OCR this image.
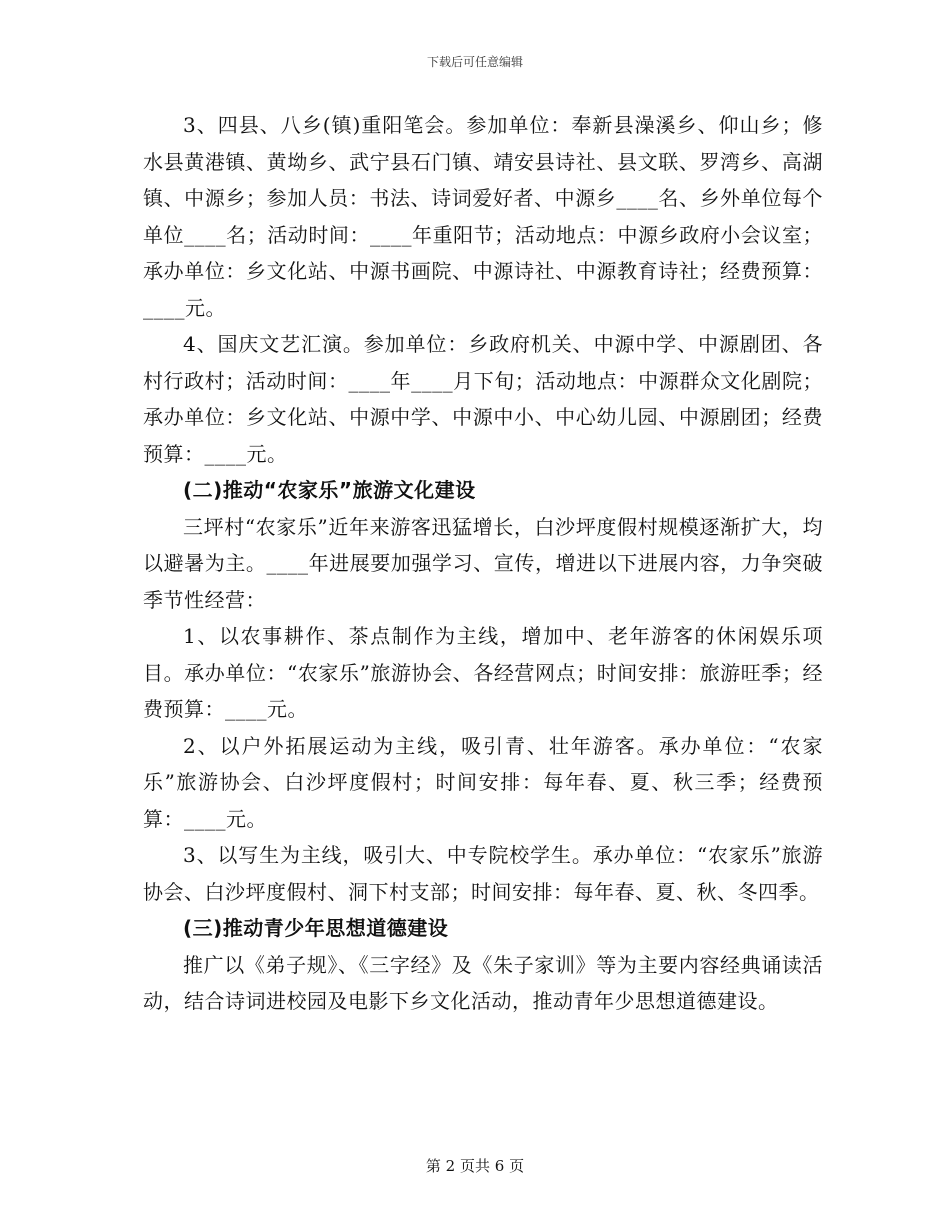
下载后可任意编辑

3、四县、八乡(镇)重阳笔会。参加单位：奉新县澡溪乡、仰山乡；修水县黄港镇、黄坳乡、武宁县石门镇、靖安县诗社、县文联、罗湾乡、高湖镇、中源乡；参加人员：书法、诗词爱好者、中源乡____名、乡外单位每个单位____名；活动时间：____年重阳节；活动地点：中源乡政府小会议室；承办单位：乡文化站、中源书画院、中源诗社、中源教育诗社；经费预算：____元。

4、国庆文艺汇演。参加单位：乡政府机关、中源中学、中源剧团、各村行政村；活动时间：____年____月下旬；活动地点：中源群众文化剧院；承办单位：乡文化站、中源中学、中源中小、中心幼儿园、中源剧团；经费预算：____元。

(二)推动“农家乐”旅游文化建设

三坪村“农家乐”近年来游客迅猛增长，白沙坪度假村规模逐渐扩大，均以避暑为主。____年进展要加强学习、宣传，增进以下进展内容，力争突破季节性经营：

1、以农事耕作、茶点制作为主线，增加中、老年游客的休闲娱乐项目。承办单位：“农家乐”旅游协会、各经营网点；时间安排：旅游旺季；经费预算：____元。

2、以户外拓展运动为主线，吸引青、壮年游客。承办单位：“农家乐”旅游协会、白沙坪度假村；时间安排：每年春、夏、秋三季；经费预算：____元。

3、以写生为主线，吸引大、中专院校学生。承办单位：“农家乐”旅游协会、白沙坪度假村、洞下村支部；时间安排：每年春、夏、秋、冬四季。

(三)推动青少年思想道德建设

推广以《弟子规》、《三字经》及《朱子家训》等为主要内容经典诵读活动，结合诗词进校园及电影下乡文化活动，推动青年少思想道德建设。

第 2 页共 6 页
